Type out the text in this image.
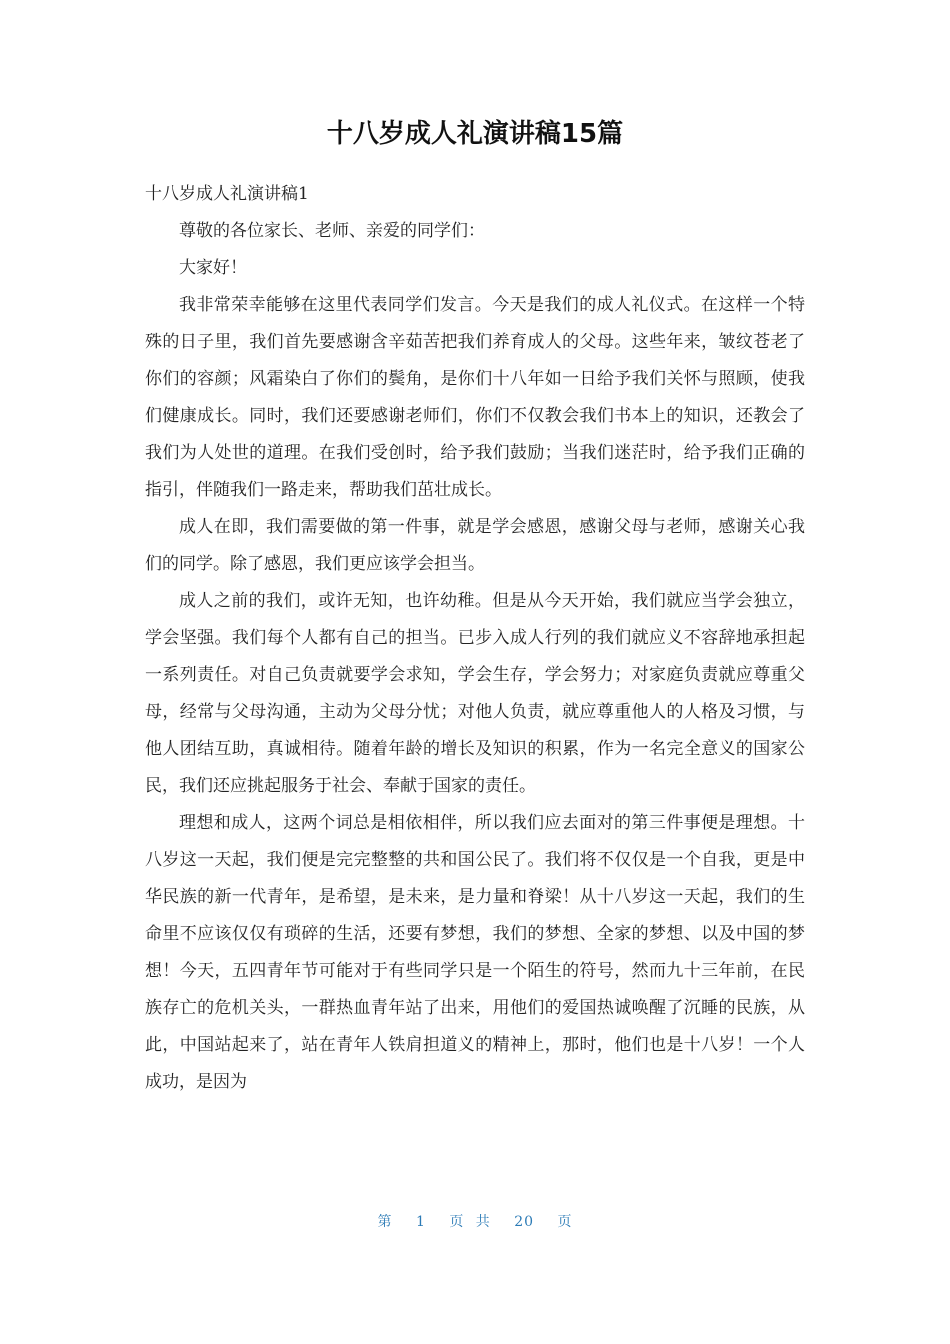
十八岁成人礼演讲稿15篇

十八岁成人礼演讲稿1

尊敬的各位家长、老师、亲爱的同学们：

大家好！

我非常荣幸能够在这里代表同学们发言。今天是我们的成人礼仪式。在这样一个特殊的日子里，我们首先要感谢含辛茹苦把我们养育成人的父母。这些年来，皱纹苍老了你们的容颜；风霜染白了你们的鬓角，是你们十八年如一日给予我们关怀与照顾，使我们健康成长。同时，我们还要感谢老师们，你们不仅教会我们书本上的知识，还教会了我们为人处世的道理。在我们受创时，给予我们鼓励；当我们迷茫时，给予我们正确的指引，伴随我们一路走来，帮助我们茁壮成长。

成人在即，我们需要做的第一件事，就是学会感恩，感谢父母与老师，感谢关心我们的同学。除了感恩，我们更应该学会担当。

成人之前的我们，或许无知，也许幼稚。但是从今天开始，我们就应当学会独立，学会坚强。我们每个人都有自己的担当。已步入成人行列的我们就应义不容辞地承担起一系列责任。对自己负责就要学会求知，学会生存，学会努力；对家庭负责就应尊重父母，经常与父母沟通，主动为父母分忧；对他人负责，就应尊重他人的人格及习惯，与他人团结互助，真诚相待。随着年龄的增长及知识的积累，作为一名完全意义的国家公民，我们还应挑起服务于社会、奉献于国家的责任。

理想和成人，这两个词总是相依相伴，所以我们应去面对的第三件事便是理想。十八岁这一天起，我们便是完完整整的共和国公民了。我们将不仅仅是一个自我，更是中华民族的新一代青年，是希望，是未来，是力量和脊梁！从十八岁这一天起，我们的生命里不应该仅仅有琐碎的生活，还要有梦想，我们的梦想、全家的梦想、以及中国的梦想！今天，五四青年节可能对于有些同学只是一个陌生的符号，然而九十三年前，在民族存亡的危机关头，一群热血青年站了出来，用他们的爱国热诚唤醒了沉睡的民族，从此，中国站起来了，站在青年人铁肩担道义的精神上，那时，他们也是十八岁！一个人成功，是因为

第 1 页 共 20 页
